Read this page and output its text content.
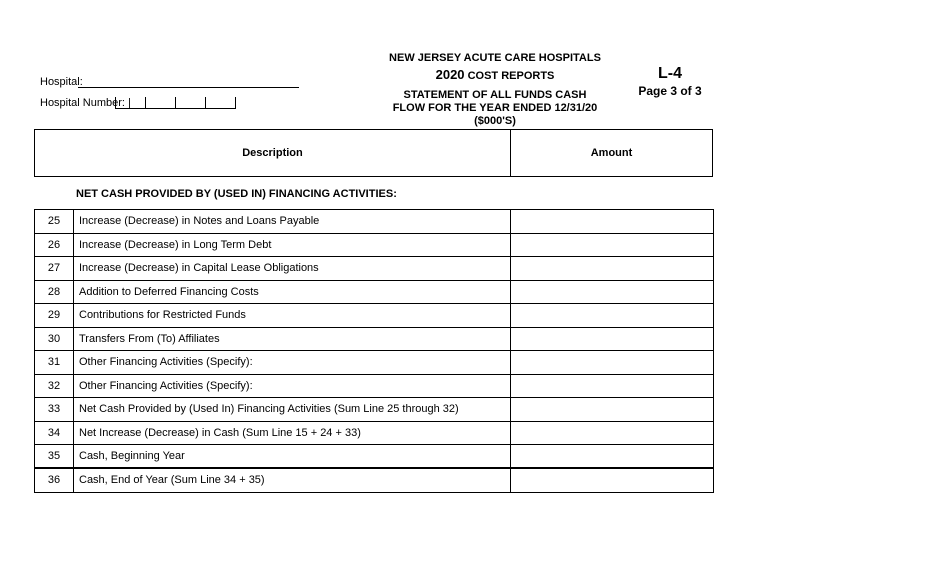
NEW JERSEY ACUTE CARE HOSPITALS
2020 COST REPORTS
STATEMENT OF ALL FUNDS CASH
FLOW FOR THE YEAR ENDED 12/31/20
($000'S)
L-4
Page 3 of 3
Hospital:
Hospital Number: |
Description	Amount
NET CASH PROVIDED BY (USED IN) FINANCING ACTIVITIES:
25	Increase (Decrease) in Notes and Loans Payable
26	Increase (Decrease) in Long Term Debt
27	Increase (Decrease) in Capital Lease Obligations
28	Addition to Deferred Financing Costs
29	Contributions for Restricted Funds
30	Transfers From (To) Affiliates
31	Other Financing Activities (Specify):
32	Other Financing Activities (Specify):
33	Net Cash Provided by (Used In) Financing Activities (Sum Line 25 through 32)
34	Net Increase (Decrease) in Cash (Sum Line 15 + 24 + 33)
35	Cash, Beginning Year
36	Cash, End of Year (Sum Line 34 + 35)
